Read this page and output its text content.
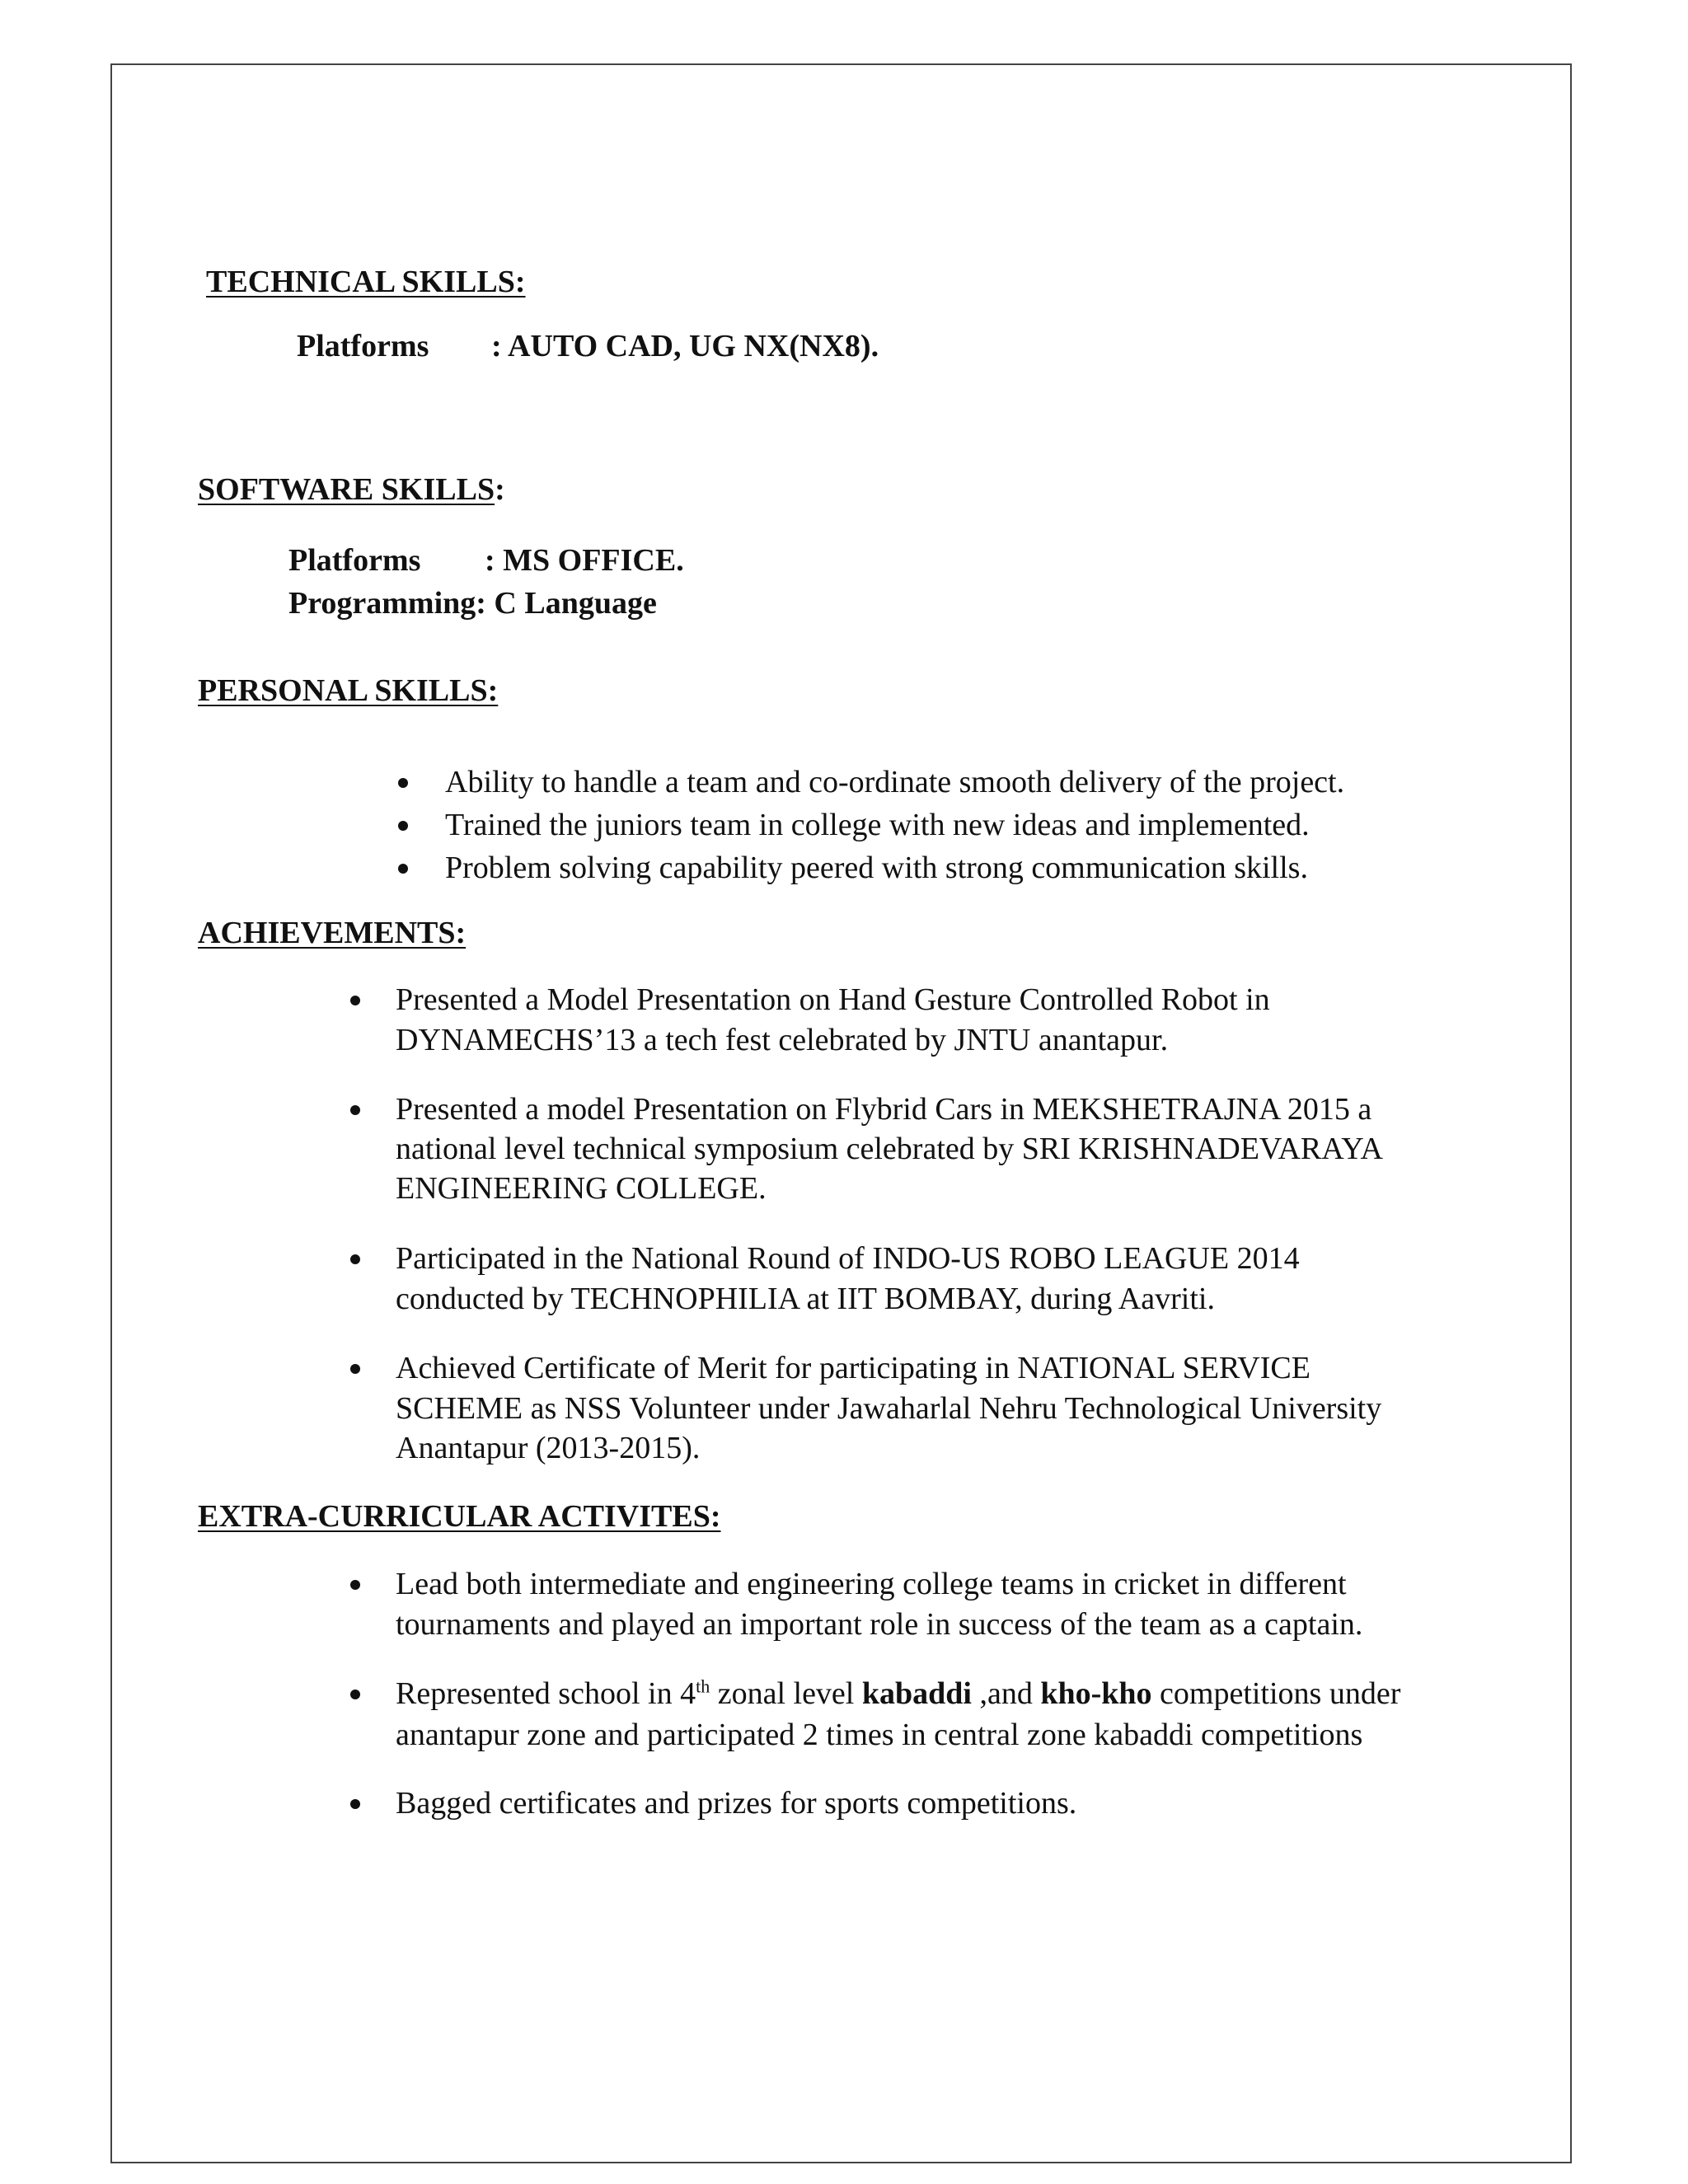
TECHNICAL SKILLS:
Platforms : AUTO CAD, UG NX(NX8).
SOFTWARE SKILLS:
Platforms : MS OFFICE.
Programming: C Language
PERSONAL SKILLS:
Ability to handle a team and co-ordinate smooth delivery of the project.
Trained the juniors team in college with new ideas and implemented.
Problem solving capability peered with strong communication skills.
ACHIEVEMENTS:
Presented a Model Presentation on Hand Gesture Controlled Robot in
DYNAMECHS’13 a tech fest celebrated by JNTU anantapur.
Presented a model Presentation on Flybrid Cars in MEKSHETRAJNA 2015 a
national level technical symposium celebrated by SRI KRISHNADEVARAYA
ENGINEERING COLLEGE.
Participated in the National Round of INDO-US ROBO LEAGUE 2014
conducted by TECHNOPHILIA at IIT BOMBAY, during Aavriti.
Achieved Certificate of Merit for participating in NATIONAL SERVICE
SCHEME as NSS Volunteer under Jawaharlal Nehru Technological University
Anantapur (2013-2015).
EXTRA-CURRICULAR ACTIVITES:
Lead both intermediate and engineering college teams in cricket in different
tournaments and played an important role in success of the team as a captain.
Represented school in 4th zonal level kabaddi ,and kho-kho competitions under
anantapur zone and participated 2 times in central zone kabaddi competitions
Bagged certificates and prizes for sports competitions.
